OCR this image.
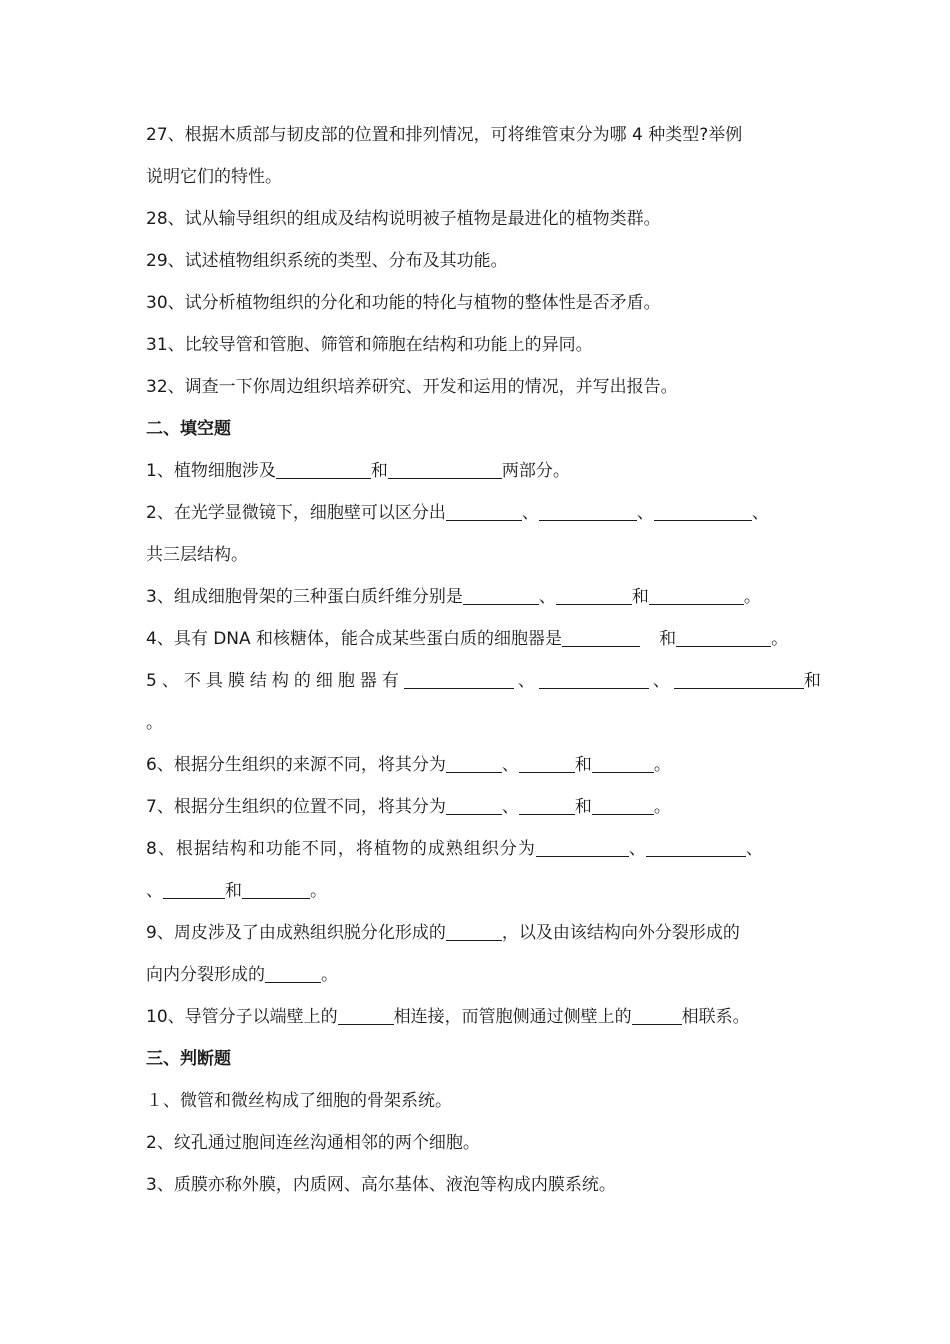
27、根据木质部与韧皮部的位置和排列情况，可将维管束分为哪 4 种类型?举例
说明它们的特性。
28、试从输导组织的组成及结构说明被子植物是最进化的植物类群。
29、试述植物组织系统的类型、分布及其功能。
30、试分析植物组织的分化和功能的特化与植物的整体性是否矛盾。
31、比较导管和管胞、筛管和筛胞在结构和功能上的异同。
32、调查一下你周边组织培养研究、开发和运用的情况，并写出报告。
二、填空题
1、植物细胞涉及	和	两部分。
2、在光学显微镜下，细胞壁可以区分出	、	、	、
共三层结构。
3、组成细胞骨架的三种蛋白质纤维分别是	、	和	。
4、具有 DNA 和核糖体，能合成某些蛋白质的细胞器是	和	。
5、不具膜结构的细胞器有	、	、	和
。
6、根据分生组织的来源不同，将其分为	、	和	。
7、根据分生组织的位置不同，将其分为	、	和	。
8、根据结构和功能不同，将植物的成熟组织分为	、	、
、	和	。
9、周皮涉及了由成熟组织脱分化形成的	，以及由该结构向外分裂形成的
向内分裂形成的	。
10、导管分子以端壁上的	相连接，而管胞侧通过侧壁上的	相联系。
三、判断题
１、微管和微丝构成了细胞的骨架系统。
2、纹孔通过胞间连丝沟通相邻的两个细胞。
3、质膜亦称外膜，内质网、高尔基体、液泡等构成内膜系统。
